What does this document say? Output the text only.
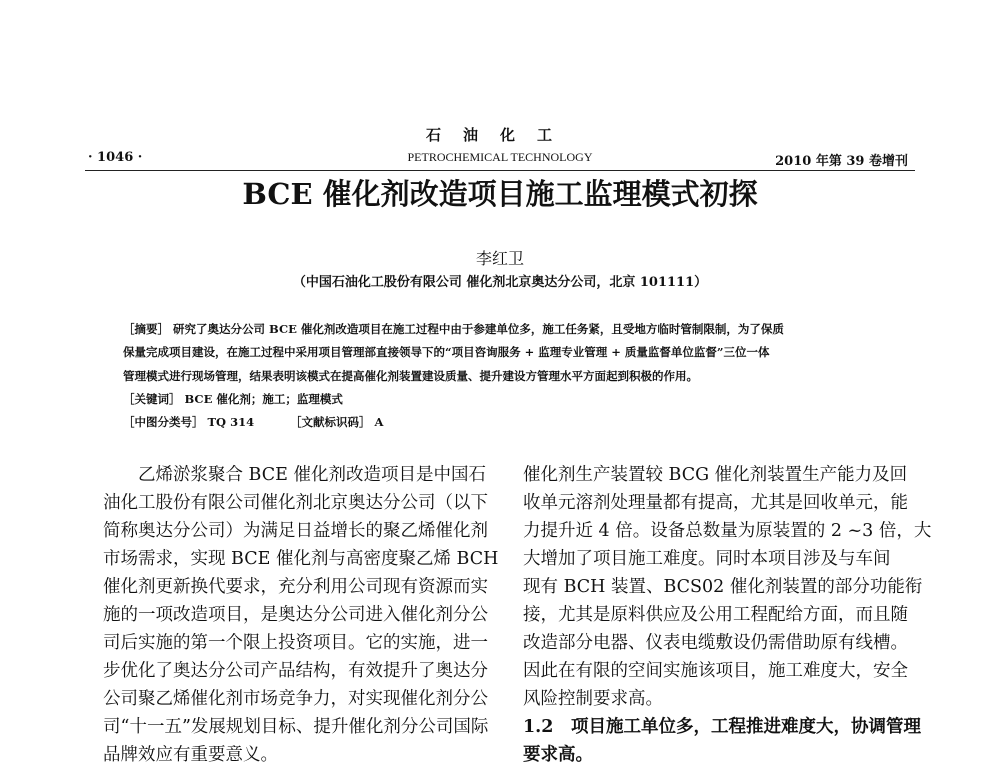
石油化工
PETROCHEMICAL TECHNOLOGY
· 1046 ·	2010 年第 39 卷增刊
BCE 催化剂改造项目施工监理模式初探
李红卫
（中国石油化工股份有限公司 催化剂北京奥达分公司，北京 101111）
［摘要］ 研究了奥达分公司 BCE 催化剂改造项目在施工过程中由于参建单位多，施工任务紧，且受地方临时管制限制，为了保质
保量完成项目建设，在施工过程中采用项目管理部直接领导下的“项目咨询服务 + 监理专业管理 + 质量监督单位监督”三位一体
管理模式进行现场管理，结果表明该模式在提高催化剂装置建设质量、提升建设方管理水平方面起到积极的作用。
［关键词］ BCE 催化剂；施工；监理模式
［中图分类号］ TQ 314	［文献标识码］ A
　　乙烯淤浆聚合 BCE 催化剂改造项目是中国石
油化工股份有限公司催化剂北京奥达分公司（以下
简称奥达分公司）为满足日益增长的聚乙烯催化剂
市场需求，实现 BCE 催化剂与高密度聚乙烯 BCH
催化剂更新换代要求，充分利用公司现有资源而实
施的一项改造项目，是奥达分公司进入催化剂分公
司后实施的第一个限上投资项目。它的实施，进一
步优化了奥达分公司产品结构，有效提升了奥达分
公司聚乙烯催化剂市场竞争力，对实现催化剂分公
司“十一五”发展规划目标、提升催化剂分公司国际
品牌效应有重要意义。
催化剂生产装置较 BCG 催化剂装置生产能力及回
收单元溶剂处理量都有提高，尤其是回收单元，能
力提升近 4 倍。设备总数量为原装置的 2 ~3 倍，大
大增加了项目施工难度。同时本项目涉及与车间
现有 BCH 装置、BCS02 催化剂装置的部分功能衔
接，尤其是原料供应及公用工程配给方面，而且随
改造部分电器、仪表电缆敷设仍需借助原有线槽。
因此在有限的空间实施该项目，施工难度大，安全
风险控制要求高。
1.2　项目施工单位多，工程推进难度大，协调管理
要求高。
